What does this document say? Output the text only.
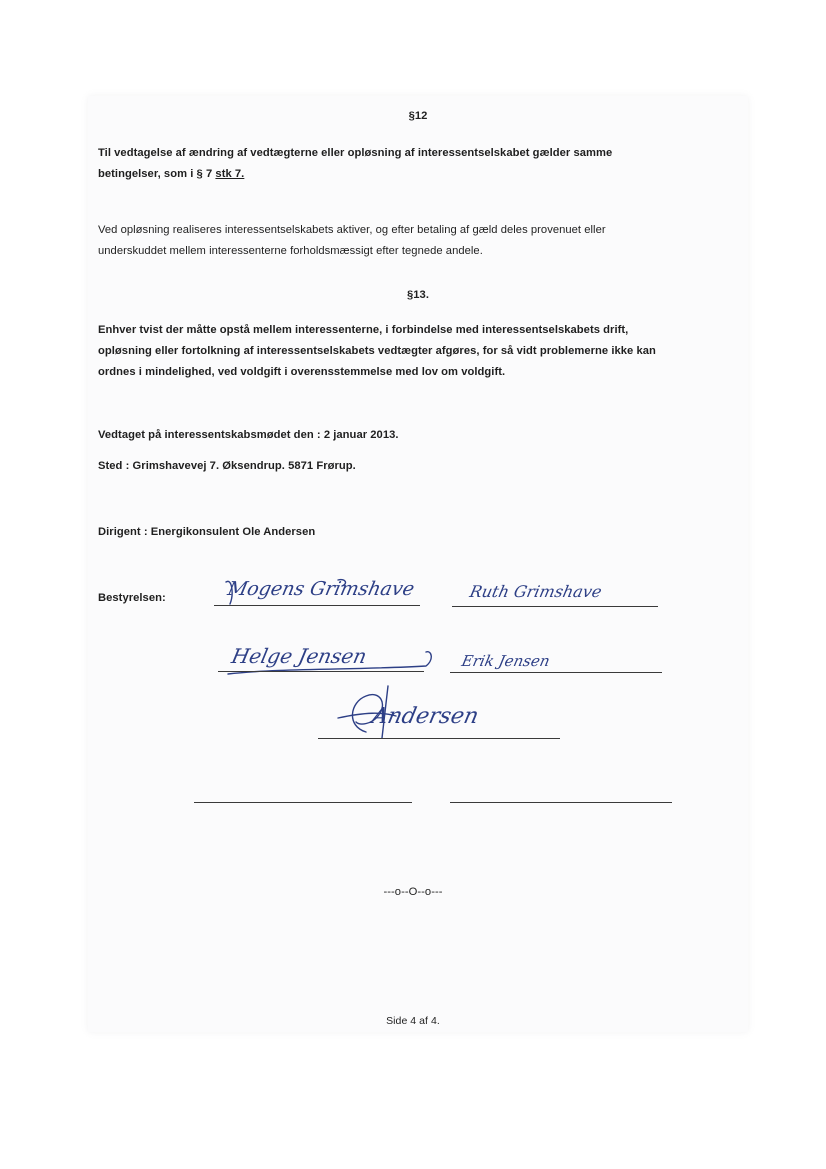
§12
Til vedtagelse af ændring af vedtægterne eller opløsning af interessentselskabet gælder samme
betingelser, som i § 7 stk 7.
Ved opløsning realiseres interessentselskabets aktiver, og efter betaling af gæld deles provenuet eller
underskuddet mellem interessenterne forholdsmæssigt efter tegnede andele.
§13.
Enhver tvist der måtte opstå mellem interessenterne, i forbindelse med interessentselskabets drift,
opløsning eller fortolkning af interessentselskabets vedtægter afgøres, for så vidt problemerne ikke kan
ordnes i mindelighed, ved voldgift i overensstemmelse med lov om voldgift.
Vedtaget på interessentskabsmødet den : 2 januar 2013.
Sted : Grimshavevej 7. Øksendrup. 5871 Frørup.
Dirigent : Energikonsulent Ole Andersen
Bestyrelsen:	Mogens Grimshave	Ruth Grimshave
Helge Jensen	Erik Jensen
Andersen
---o--O--o---
Side 4 af 4.
